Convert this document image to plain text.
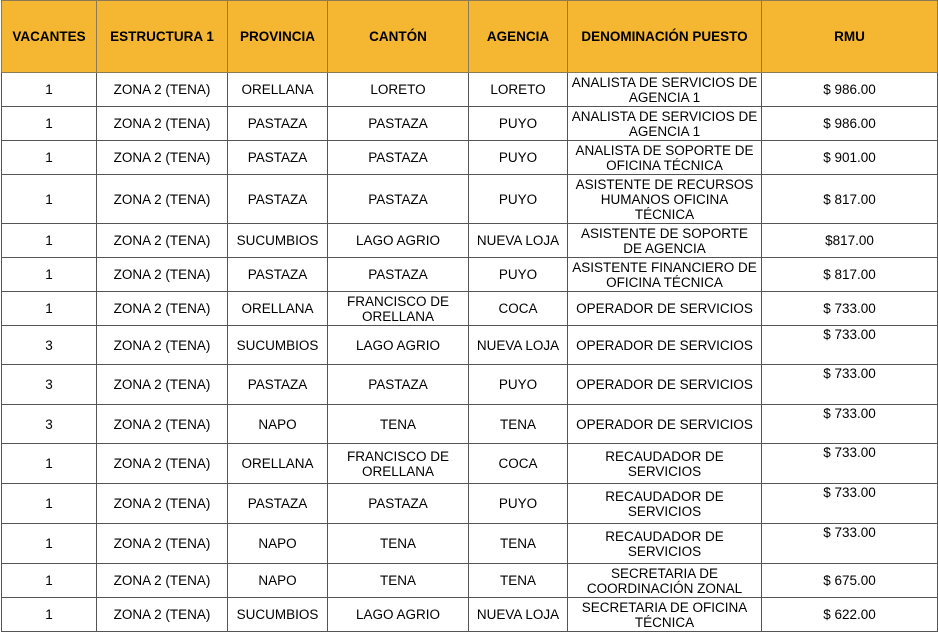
VACANTES	ESTRUCTURA 1	PROVINCIA	CANTÓN	AGENCIA	DENOMINACIÓN PUESTO	RMU
1	ZONA 2 (TENA)	ORELLANA	LORETO	LORETO	ANALISTA DE SERVICIOS DE AGENCIA 1	$ 986.00
1	ZONA 2 (TENA)	PASTAZA	PASTAZA	PUYO	ANALISTA DE SERVICIOS DE AGENCIA 1	$ 986.00
1	ZONA 2 (TENA)	PASTAZA	PASTAZA	PUYO	ANALISTA DE SOPORTE DE OFICINA TÉCNICA	$ 901.00
1	ZONA 2 (TENA)	PASTAZA	PASTAZA	PUYO	ASISTENTE DE RECURSOS HUMANOS OFICINA TÉCNICA	$ 817.00
1	ZONA 2 (TENA)	SUCUMBIOS	LAGO AGRIO	NUEVA LOJA	ASISTENTE DE SOPORTE DE AGENCIA	$817.00
1	ZONA 2 (TENA)	PASTAZA	PASTAZA	PUYO	ASISTENTE FINANCIERO DE OFICINA TÉCNICA	$ 817.00
1	ZONA 2 (TENA)	ORELLANA	FRANCISCO DE ORELLANA	COCA	OPERADOR DE SERVICIOS	$ 733.00
3	ZONA 2 (TENA)	SUCUMBIOS	LAGO AGRIO	NUEVA LOJA	OPERADOR DE SERVICIOS	$ 733.00
3	ZONA 2 (TENA)	PASTAZA	PASTAZA	PUYO	OPERADOR DE SERVICIOS	$ 733.00
3	ZONA 2 (TENA)	NAPO	TENA	TENA	OPERADOR DE SERVICIOS	$ 733.00
1	ZONA 2 (TENA)	ORELLANA	FRANCISCO DE ORELLANA	COCA	RECAUDADOR DE SERVICIOS	$ 733.00
1	ZONA 2 (TENA)	PASTAZA	PASTAZA	PUYO	RECAUDADOR DE SERVICIOS	$ 733.00
1	ZONA 2 (TENA)	NAPO	TENA	TENA	RECAUDADOR DE SERVICIOS	$ 733.00
1	ZONA 2 (TENA)	NAPO	TENA	TENA	SECRETARIA DE COORDINACIÓN ZONAL	$ 675.00
1	ZONA 2 (TENA)	SUCUMBIOS	LAGO AGRIO	NUEVA LOJA	SECRETARIA DE OFICINA TÉCNICA	$ 622.00
